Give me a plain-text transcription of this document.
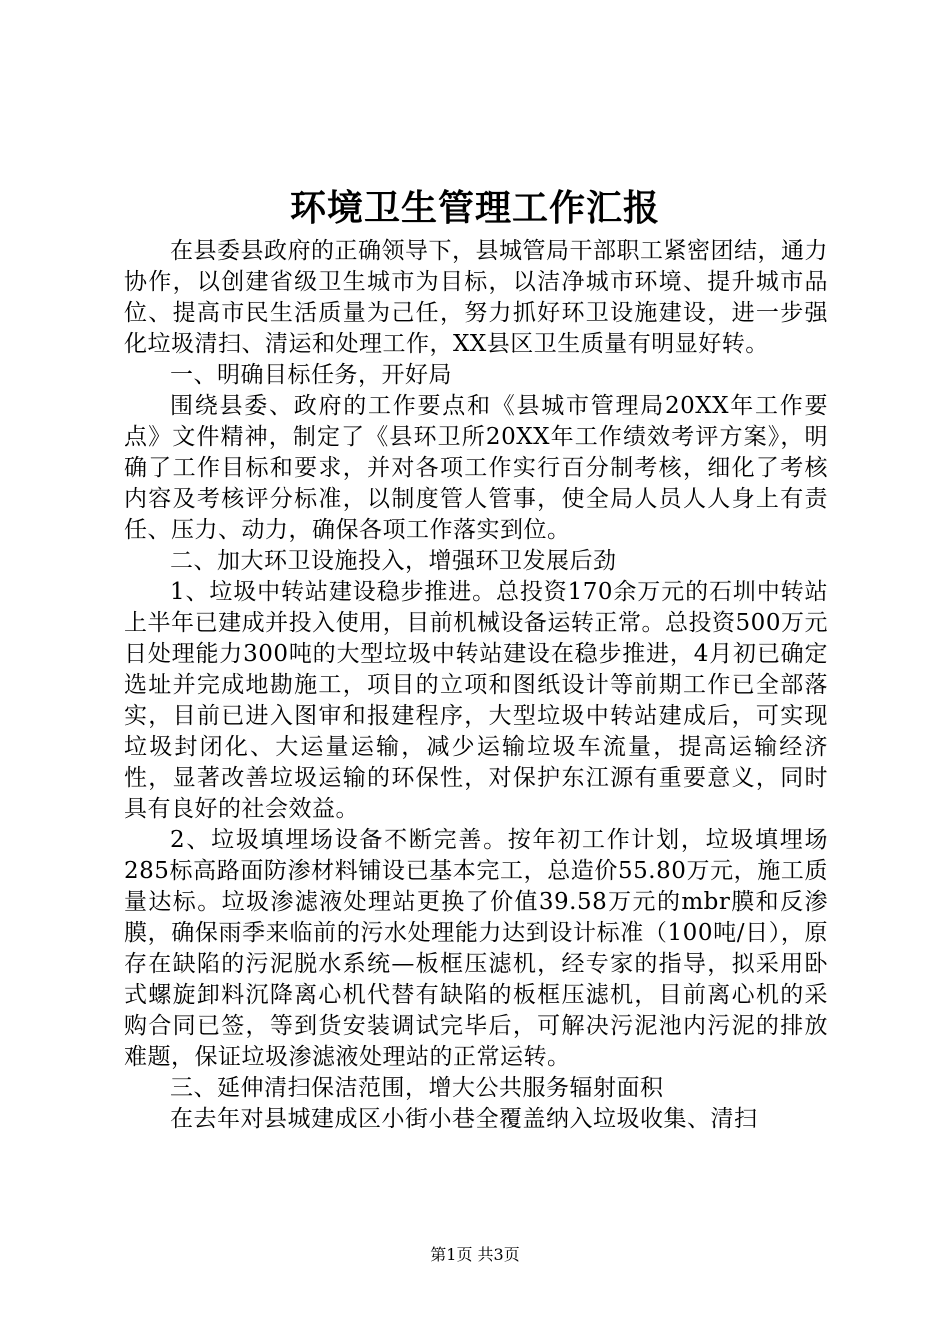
环境卫生管理工作汇报

在县委县政府的正确领导下，县城管局干部职工紧密团结，通力协作，以创建省级卫生城市为目标，以洁净城市环境、提升城市品位、提高市民生活质量为己任，努力抓好环卫设施建设，进一步强化垃圾清扫、清运和处理工作，XX县区卫生质量有明显好转。

一、明确目标任务，开好局

围绕县委、政府的工作要点和《县城市管理局20XX年工作要点》文件精神，制定了《县环卫所20XX年工作绩效考评方案》，明确了工作目标和要求，并对各项工作实行百分制考核，细化了考核内容及考核评分标准，以制度管人管事，使全局人员人人身上有责任、压力、动力，确保各项工作落实到位。

二、加大环卫设施投入，增强环卫发展后劲

1、垃圾中转站建设稳步推进。总投资170余万元的石圳中转站上半年已建成并投入使用，目前机械设备运转正常。总投资500万元日处理能力300吨的大型垃圾中转站建设在稳步推进，4月初已确定选址并完成地勘施工，项目的立项和图纸设计等前期工作已全部落实，目前已进入图审和报建程序，大型垃圾中转站建成后，可实现垃圾封闭化、大运量运输，减少运输垃圾车流量，提高运输经济性，显著改善垃圾运输的环保性，对保护东江源有重要意义，同时具有良好的社会效益。

2、垃圾填埋场设备不断完善。按年初工作计划，垃圾填埋场285标高路面防渗材料铺设已基本完工，总造价55.80万元，施工质量达标。垃圾渗滤液处理站更换了价值39.58万元的mbr膜和反渗膜，确保雨季来临前的污水处理能力达到设计标准（100吨/日），原存在缺陷的污泥脱水系统—板框压滤机，经专家的指导，拟采用卧式螺旋卸料沉降离心机代替有缺陷的板框压滤机，目前离心机的采购合同已签，等到货安装调试完毕后，可解决污泥池内污泥的排放难题，保证垃圾渗滤液处理站的正常运转。

三、延伸清扫保洁范围，增大公共服务辐射面积

在去年对县城建成区小街小巷全覆盖纳入垃圾收集、清扫

第1页 共3页
